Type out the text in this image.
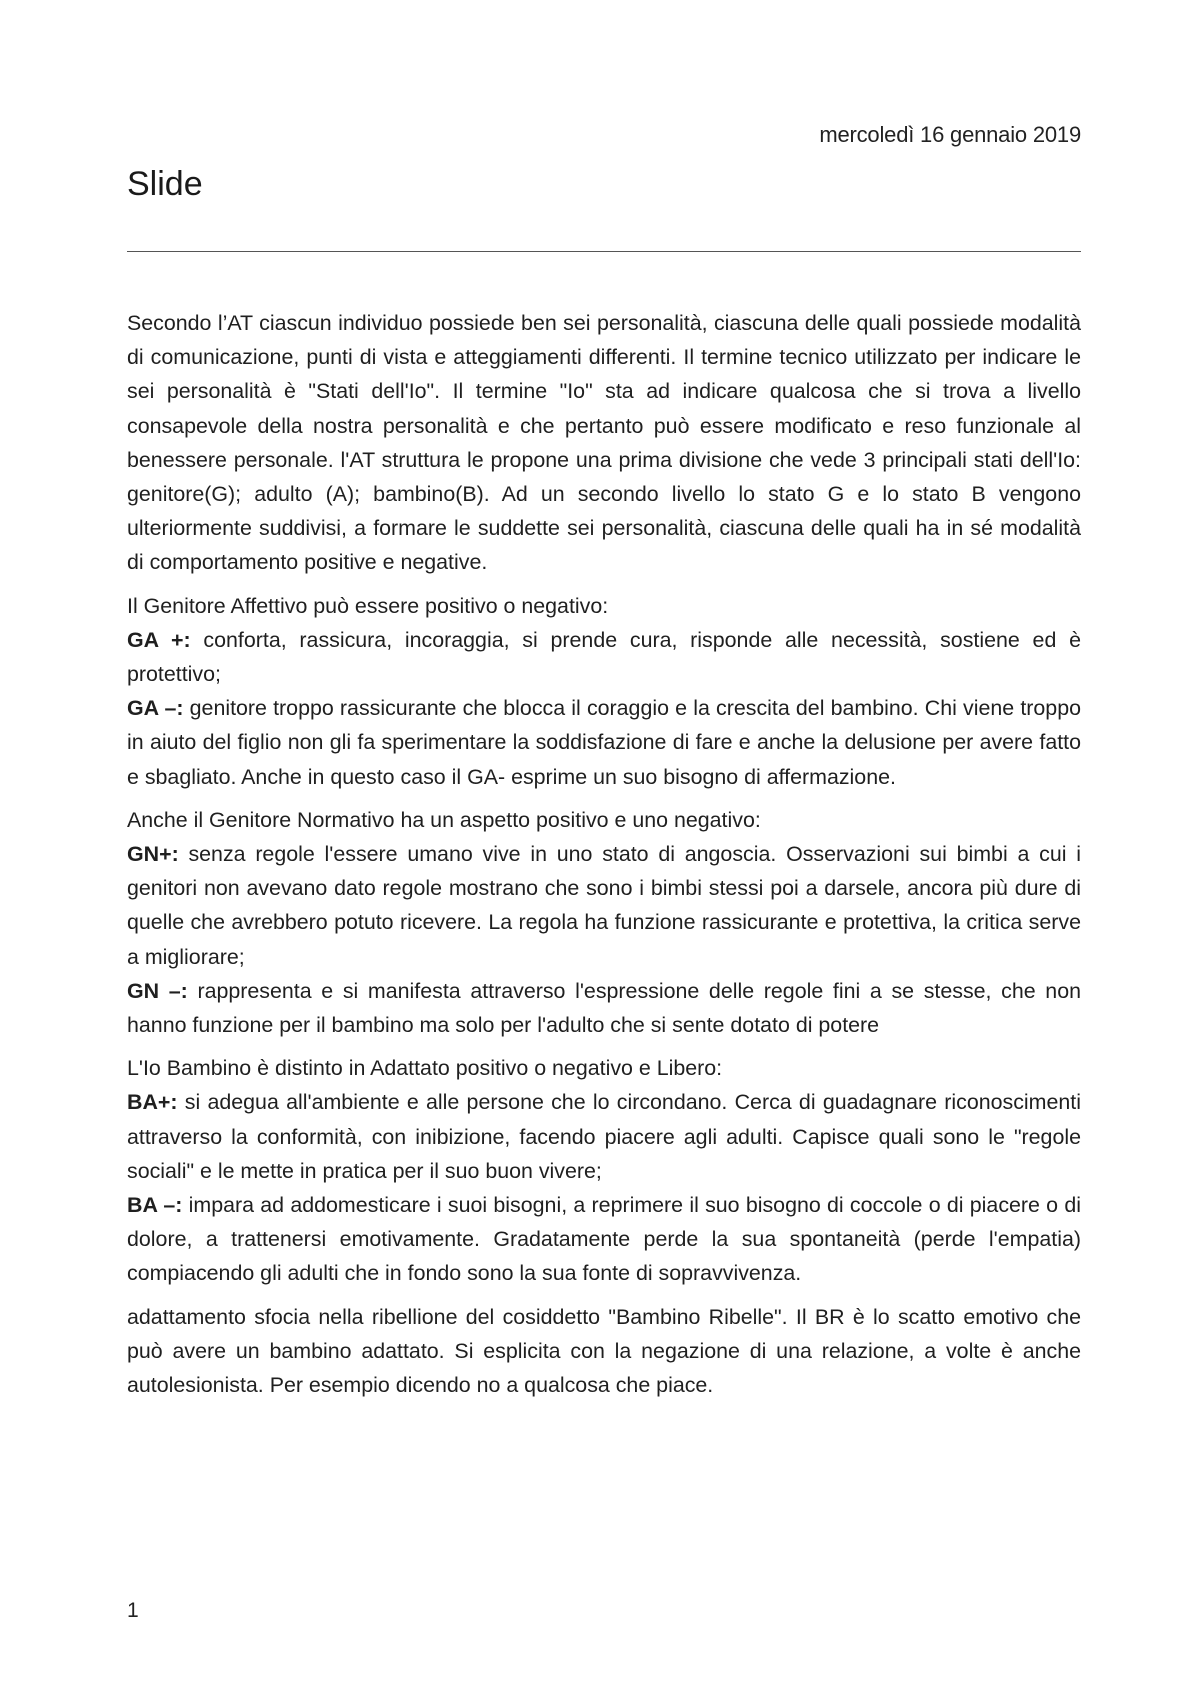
mercoledì 16 gennaio 2019
Slide

Secondo l’AT ciascun individuo possiede ben sei personalità, ciascuna delle quali possiede modalità di comunicazione, punti di vista e atteggiamenti differenti. Il termine tecnico utilizzato per indicare le sei personalità è "Stati dell'Io". Il termine "Io" sta ad indicare qualcosa che si trova a livello consapevole della nostra personalità e che pertanto può essere modificato e reso funzionale al benessere personale. l'AT struttura le propone una prima divisione che vede 3 principali stati dell'Io: genitore(G); adulto (A); bambino(B). Ad un secondo livello lo stato G e lo stato B vengono ulteriormente suddivisi, a formare le suddette sei personalità, ciascuna delle quali ha in sé modalità di comportamento positive e negative.

Il Genitore Affettivo può essere positivo o negativo:

GA +: conforta, rassicura, incoraggia, si prende cura, risponde alle necessità, sostiene ed è protettivo;

GA –: genitore troppo rassicurante che blocca il coraggio e la crescita del bambino. Chi viene troppo in aiuto del figlio non gli fa sperimentare la soddisfazione di fare e anche la delusione per avere fatto e sbagliato. Anche in questo caso il GA- esprime un suo bisogno di affermazione.

Anche il Genitore Normativo ha un aspetto positivo e uno negativo:

GN+: senza regole l'essere umano vive in uno stato di angoscia. Osservazioni sui bimbi a cui i genitori non avevano dato regole mostrano che sono i bimbi stessi poi a darsele, ancora più dure di quelle che avrebbero potuto ricevere. La regola ha funzione rassicurante e protettiva, la critica serve a migliorare;

GN –: rappresenta e si manifesta attraverso l'espressione delle regole fini a se stesse, che non hanno funzione per il bambino ma solo per l'adulto che si sente dotato di potere

L'Io Bambino è distinto in Adattato positivo o negativo e Libero:

BA+: si adegua all'ambiente e alle persone che lo circondano. Cerca di guadagnare riconoscimenti attraverso la conformità, con inibizione, facendo piacere agli adulti. Capisce quali sono le "regole sociali" e le mette in pratica per il suo buon vivere;

BA –: impara ad addomesticare i suoi bisogni, a reprimere il suo bisogno di coccole o di piacere o di dolore, a trattenersi emotivamente. Gradatamente perde la sua spontaneità (perde l'empatia) compiacendo gli adulti che in fondo sono la sua fonte di sopravvivenza.

adattamento sfocia nella ribellione del cosiddetto "Bambino Ribelle". Il BR è lo scatto emotivo che può avere un bambino adattato. Si esplicita con la negazione di una relazione, a volte è anche autolesionista. Per esempio dicendo no a qualcosa che piace.

1
